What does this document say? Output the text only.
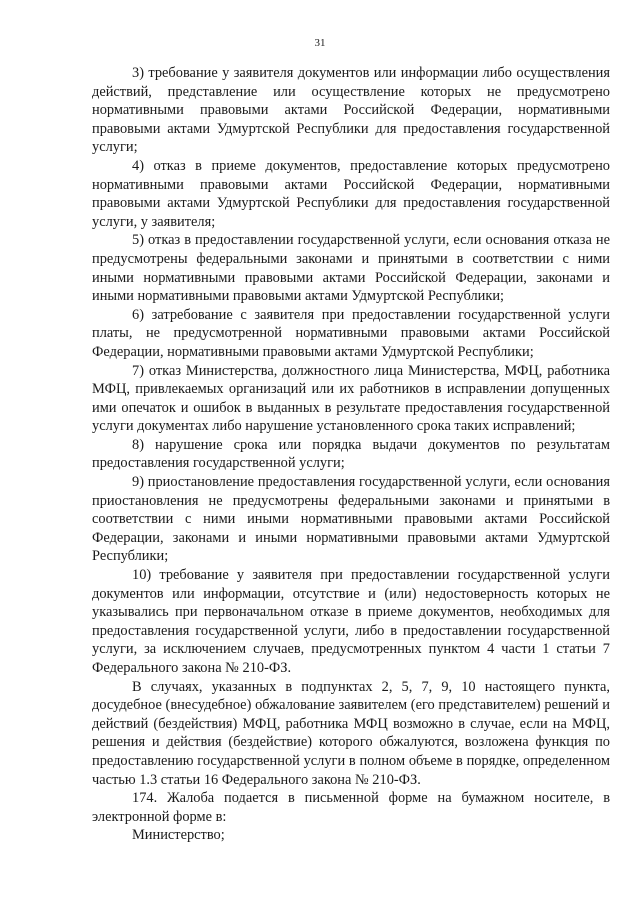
31

3) требование у заявителя документов или информации либо осуществления действий, представление или осуществление которых не предусмотрено нормативными правовыми актами Российской Федерации, нормативными правовыми актами Удмуртской Республики для предоставления государственной услуги;

4) отказ в приеме документов, предоставление которых предусмотрено нормативными правовыми актами Российской Федерации, нормативными правовыми актами Удмуртской Республики для предоставления государственной услуги, у заявителя;

5) отказ в предоставлении государственной услуги, если основания отказа не предусмотрены федеральными законами и принятыми в соответствии с ними иными нормативными правовыми актами Российской Федерации, законами и иными нормативными правовыми актами Удмуртской Республики;

6) затребование с заявителя при предоставлении государственной услуги платы, не предусмотренной нормативными правовыми актами Российской Федерации, нормативными правовыми актами Удмуртской Республики;

7) отказ Министерства, должностного лица Министерства, МФЦ, работника МФЦ, привлекаемых организаций или их работников в исправлении допущенных ими опечаток и ошибок в выданных в результате предоставления государственной услуги документах либо нарушение установленного срока таких исправлений;

8) нарушение срока или порядка выдачи документов по результатам предоставления государственной услуги;

9) приостановление предоставления государственной услуги, если основания приостановления не предусмотрены федеральными законами и принятыми в соответствии с ними иными нормативными правовыми актами Российской Федерации, законами и иными нормативными правовыми актами Удмуртской Республики;

10) требование у заявителя при предоставлении государственной услуги документов или информации, отсутствие и (или) недостоверность которых не указывались при первоначальном отказе в приеме документов, необходимых для предоставления государственной услуги, либо в предоставлении государственной услуги, за исключением случаев, предусмотренных пунктом 4 части 1 статьи 7 Федерального закона № 210-ФЗ.

В случаях, указанных в подпунктах 2, 5, 7, 9, 10 настоящего пункта, досудебное (внесудебное) обжалование заявителем (его представителем) решений и действий (бездействия) МФЦ, работника МФЦ возможно в случае, если на МФЦ, решения и действия (бездействие) которого обжалуются, возложена функция по предоставлению государственной услуги в полном объеме в порядке, определенном частью 1.3 статьи 16 Федерального закона № 210-ФЗ.

174. Жалоба подается в письменной форме на бумажном носителе, в электронной форме в:

Министерство;
